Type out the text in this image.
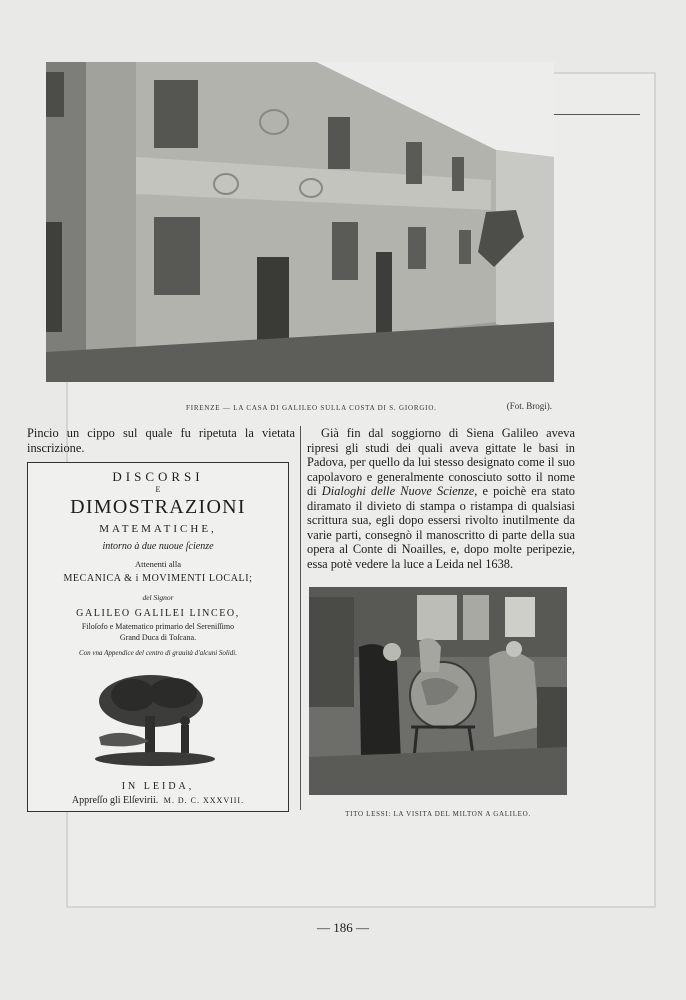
FIRENZE — LA CASA DI GALILEO SULLA COSTA DI S. GIORGIO.	(Fot. Brogi).
Pincio un cippo sul quale fu ripetuta la vietata inscrizione.
DISCORSI
E
DIMOSTRAZIONI
MATEMATICHE,
intorno à due nuoue ſcienze
Attenenti alla
MECANICA & i MOVIMENTI LOCALI;
del Signor
GALILEO GALILEI LINCEO,
Filoſofo e Matematico primario del Sereniſſimo
Grand Duca di Toſcana.
Con vna Appendice del centro di grauità d'alcuni Solidi.
IN LEIDA,
Appreſſo gli Elſevirii. M. D. C. XXXVIII.
Già fin dal soggiorno di Siena Galileo aveva ripresi gli studi dei quali aveva gittate le basi in Padova, per quello da lui stesso designato come il suo capolavoro e generalmente conosciuto sotto il nome di Dialoghi delle Nuove Scienze, e poichè era stato diramato il divieto di stampa o ristampa di qualsiasi scrittura sua, egli dopo essersi rivolto inutilmente da varie parti, consegnò il manoscritto di parte della sua opera al Conte di Noailles, e, dopo molte peripezie, essa potè vedere la luce a Leida nel 1638.
TITO LESSI: LA VISITA DEL MILTON A GALILEO.
— 186 —
